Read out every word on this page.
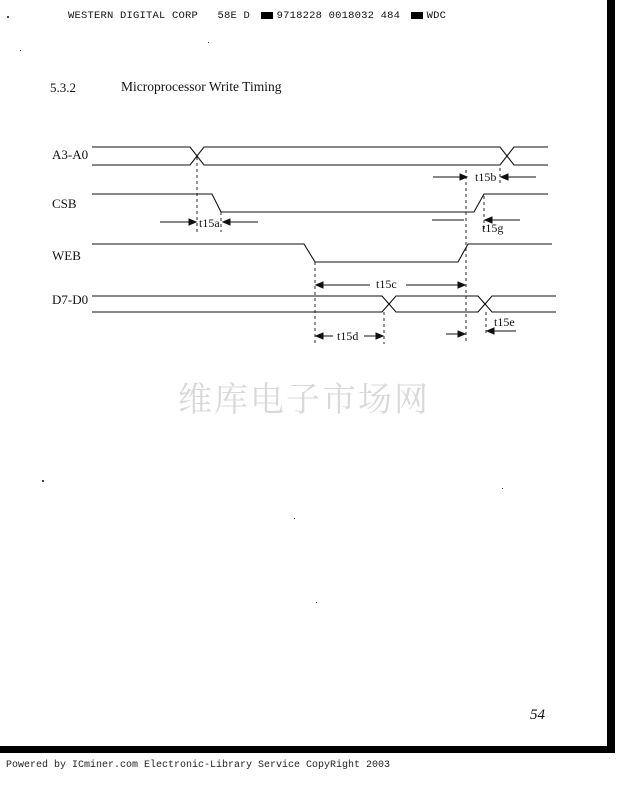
WESTERN DIGITAL CORP 58E D	9718228 0018032 484	WDC
5.3.2	Microprocessor Write Timing
A3-A0
CSB
WEB
D7-D0
t15a
t15b
t15g
t15c
t15d
t15e
维库电子市场网
54
Powered by ICminer.com Electronic-Library Service CopyRight 2003
